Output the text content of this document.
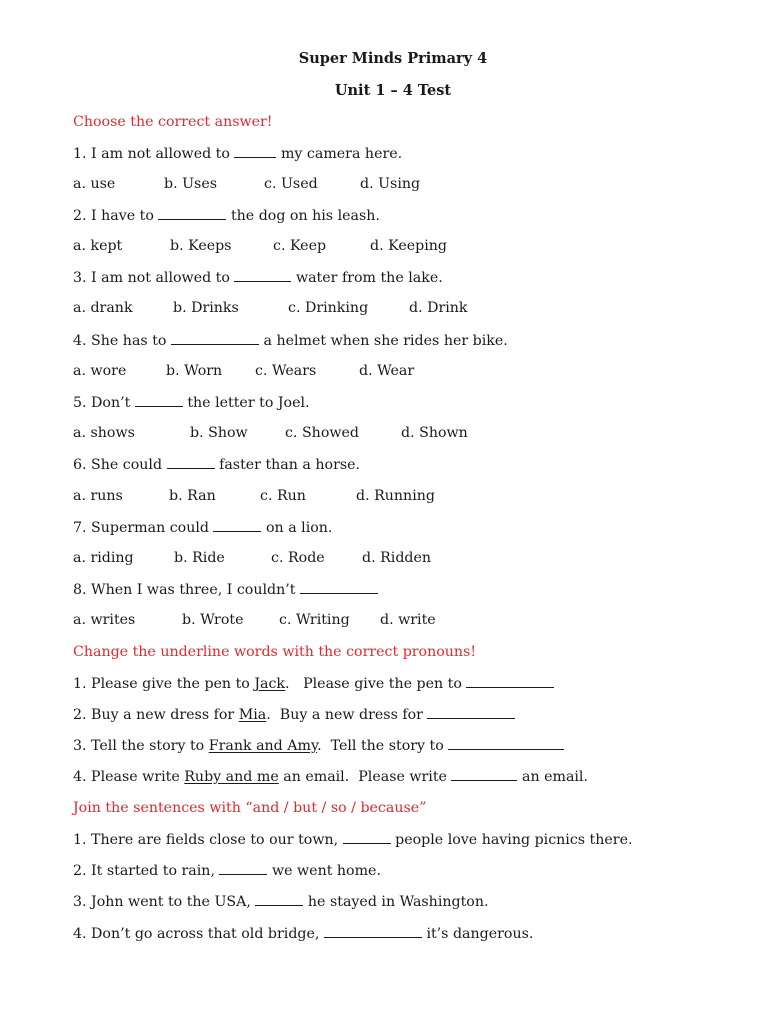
Super Minds Primary 4
Unit 1 – 4 Test
Choose the correct answer!
1. I am not allowed to	my camera here.
a. use	b. Uses	c. Used	d. Using
2. I have to	the dog on his leash.
a. kept	b. Keeps	c. Keep	d. Keeping
3. I am not allowed to	water from the lake.
a. drank	b. Drinks	c. Drinking	d. Drink
4. She has to	a helmet when she rides her bike.
a. wore	b. Worn c. Wears	d. Wear
5. Don’t	the letter to Joel.
a. shows	b. Show	c. Showed	d. Shown
6. She could	faster than a horse.
a. runs	b. Ran	c. Run	d. Running
7. Superman could	on a lion.
a. riding	b. Ride	c. Rode	d. Ridden
8. When I was three, I couldn’t
a. writes	b. Wrote	c. Writing d. write
Change the underline words with the correct pronouns!
1. Please give the pen to Jack.   Please give the pen to
2. Buy a new dress for Mia.  Buy a new dress for
3. Tell the story to Frank and Amy.  Tell the story to
4. Please write Ruby and me an email.  Please write	an email.
Join the sentences with “and / but / so / because”
1. There are fields close to our town,	people love having picnics there.
2. It started to rain,	we went home.
3. John went to the USA,	he stayed in Washington.
4. Don’t go across that old bridge,	it’s dangerous.
